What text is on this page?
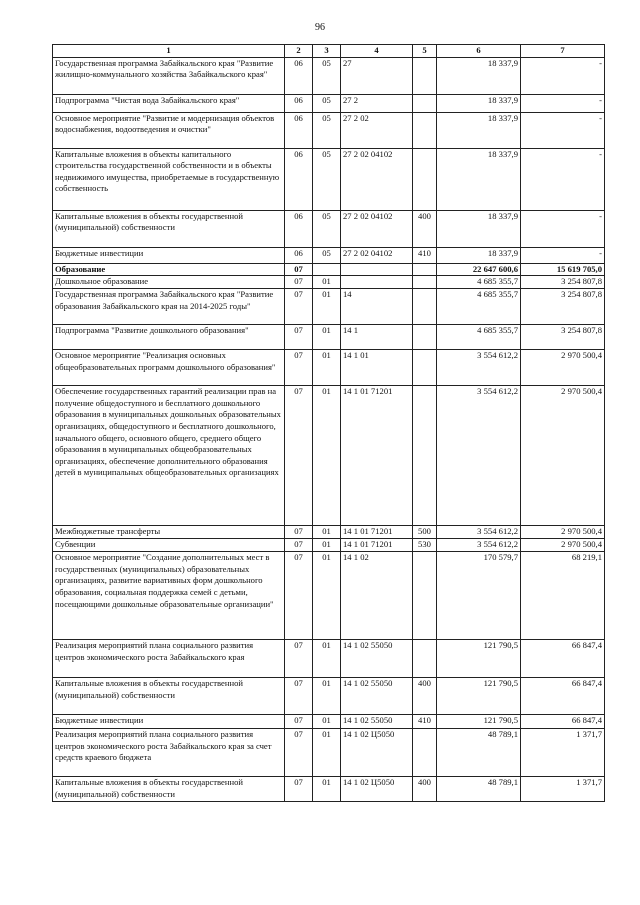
96
1	2	3	4	5	6	7
Государственная программа Забайкальского края "Развитие жилищно-коммунального хозяйства Забайкальского края"	06	05	27		18 337,9	-
Подпрограмма "Чистая вода Забайкальского края"	06	05	27 2		18 337,9	-
Основное мероприятие "Развитие и модернизация объектов водоснабжения, водоотведения и очистки"	06	05	27 2 02		18 337,9	-
Капитальные вложения в объекты капитального строительства государственной собственности и в объекты недвижимого имущества, приобретаемые в государственную собственность	06	05	27 2 02 04102		18 337,9	-
Капитальные вложения в объекты государственной (муниципальной) собственности	06	05	27 2 02 04102	400	18 337,9	-
Бюджетные инвестиции	06	05	27 2 02 04102	410	18 337,9	-
Образование	07				22 647 600,6	15 619 705,0
Дошкольное образование	07	01			4 685 355,7	3 254 807,8
Государственная программа Забайкальского края "Развитие образования Забайкальского края на 2014-2025 годы"	07	01	14		4 685 355,7	3 254 807,8
Подпрограмма "Развитие дошкольного образования"	07	01	14 1		4 685 355,7	3 254 807,8
Основное мероприятие "Реализация основных общеобразовательных программ дошкольного образования"	07	01	14 1 01		3 554 612,2	2 970 500,4
Обеспечение государственных гарантий реализации прав на получение общедоступного и бесплатного дошкольного образования в муниципальных дошкольных образовательных организациях, общедоступного и бесплатного дошкольного, начального общего, основного общего, среднего общего образования в муниципальных общеобразовательных организациях, обеспечение дополнительного образования детей в муниципальных общеобразовательных организациях	07	01	14 1 01 71201		3 554 612,2	2 970 500,4
Межбюджетные трансферты	07	01	14 1 01 71201	500	3 554 612,2	2 970 500,4
Субвенции	07	01	14 1 01 71201	530	3 554 612,2	2 970 500,4
Основное мероприятие "Создание дополнительных мест в государственных (муниципальных) образовательных организациях, развитие вариативных форм дошкольного образования, социальная поддержка семей с детьми, посещающими дошкольные образовательные организации"	07	01	14 1 02		170 579,7	68 219,1
Реализация мероприятий плана социального развития центров экономического роста Забайкальского края	07	01	14 1 02 55050		121 790,5	66 847,4
Капитальные вложения в объекты государственной (муниципальной) собственности	07	01	14 1 02 55050	400	121 790,5	66 847,4
Бюджетные инвестиции	07	01	14 1 02 55050	410	121 790,5	66 847,4
Реализация мероприятий плана социального развития центров экономического роста Забайкальского края за счет средств краевого бюджета	07	01	14 1 02 Ц5050		48 789,1	1 371,7
Капитальные вложения в объекты государственной (муниципальной) собственности	07	01	14 1 02 Ц5050	400	48 789,1	1 371,7
